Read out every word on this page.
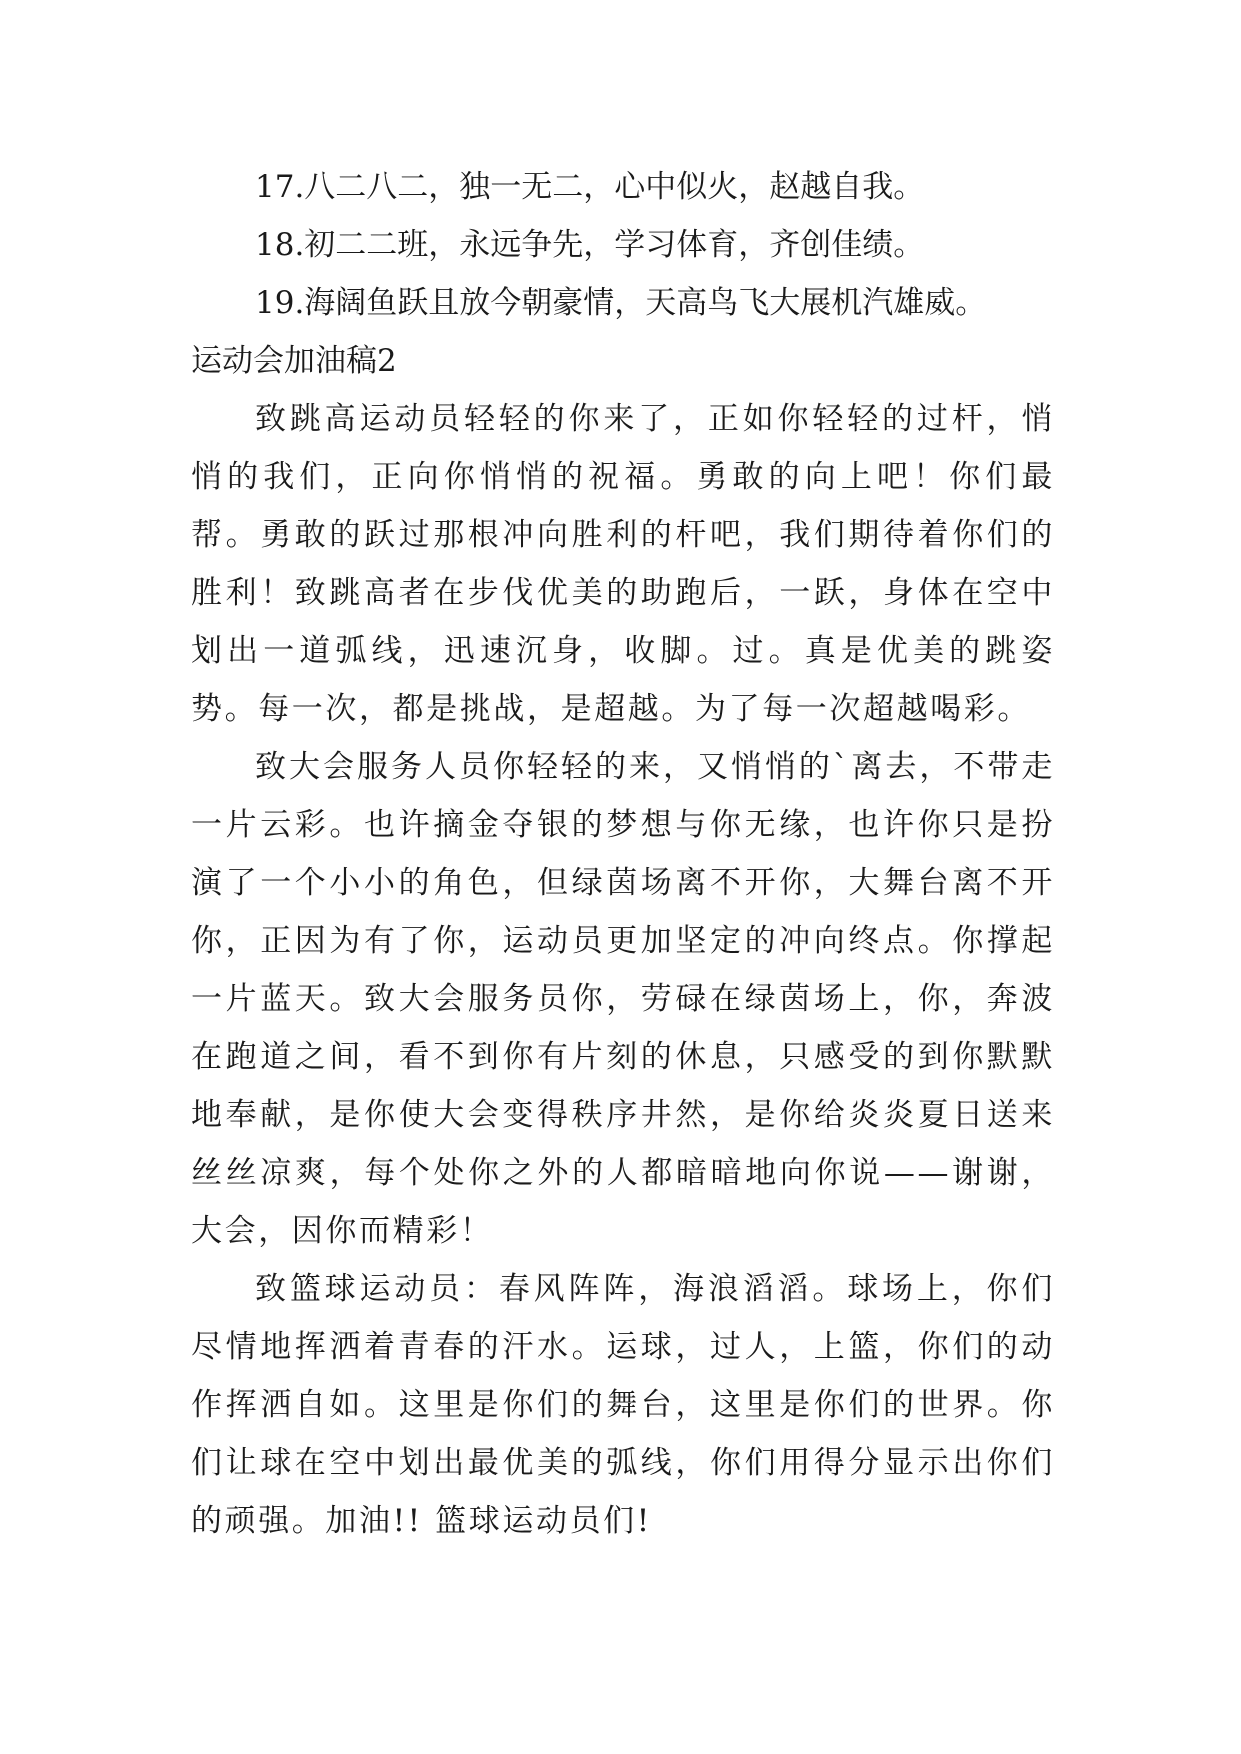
17.八二八二，独一无二，心中似火，赵越自我。

18.初二二班，永远争先，学习体育，齐创佳绩。

19.海阔鱼跃且放今朝豪情，天高鸟飞大展机汽雄威。

运动会加油稿2

致跳高运动员轻轻的你来了，正如你轻轻的过杆，悄悄的我们，正向你悄悄的祝福。勇敢的向上吧！你们最帮。勇敢的跃过那根冲向胜利的杆吧，我们期待着你们的胜利！致跳高者在步伐优美的助跑后，一跃，身体在空中划出一道弧线，迅速沉身，收脚。过。真是优美的跳姿势。每一次，都是挑战，是超越。为了每一次超越喝彩。

致大会服务人员你轻轻的来，又悄悄的`离去，不带走一片云彩。也许摘金夺银的梦想与你无缘，也许你只是扮演了一个小小的角色，但绿茵场离不开你，大舞台离不开你，正因为有了你，运动员更加坚定的冲向终点。你撑起一片蓝天。致大会服务员你，劳碌在绿茵场上，你，奔波在跑道之间，看不到你有片刻的休息，只感受的到你默默地奉献，是你使大会变得秩序井然，是你给炎炎夏日送来丝丝凉爽，每个处你之外的人都暗暗地向你说——谢谢，大会，因你而精彩！

致篮球运动员：春风阵阵，海浪滔滔。球场上，你们尽情地挥洒着青春的汗水。运球，过人，上篮，你们的动作挥洒自如。这里是你们的舞台，这里是你们的世界。你们让球在空中划出最优美的弧线，你们用得分显示出你们的顽强。加油!! 篮球运动员们!
